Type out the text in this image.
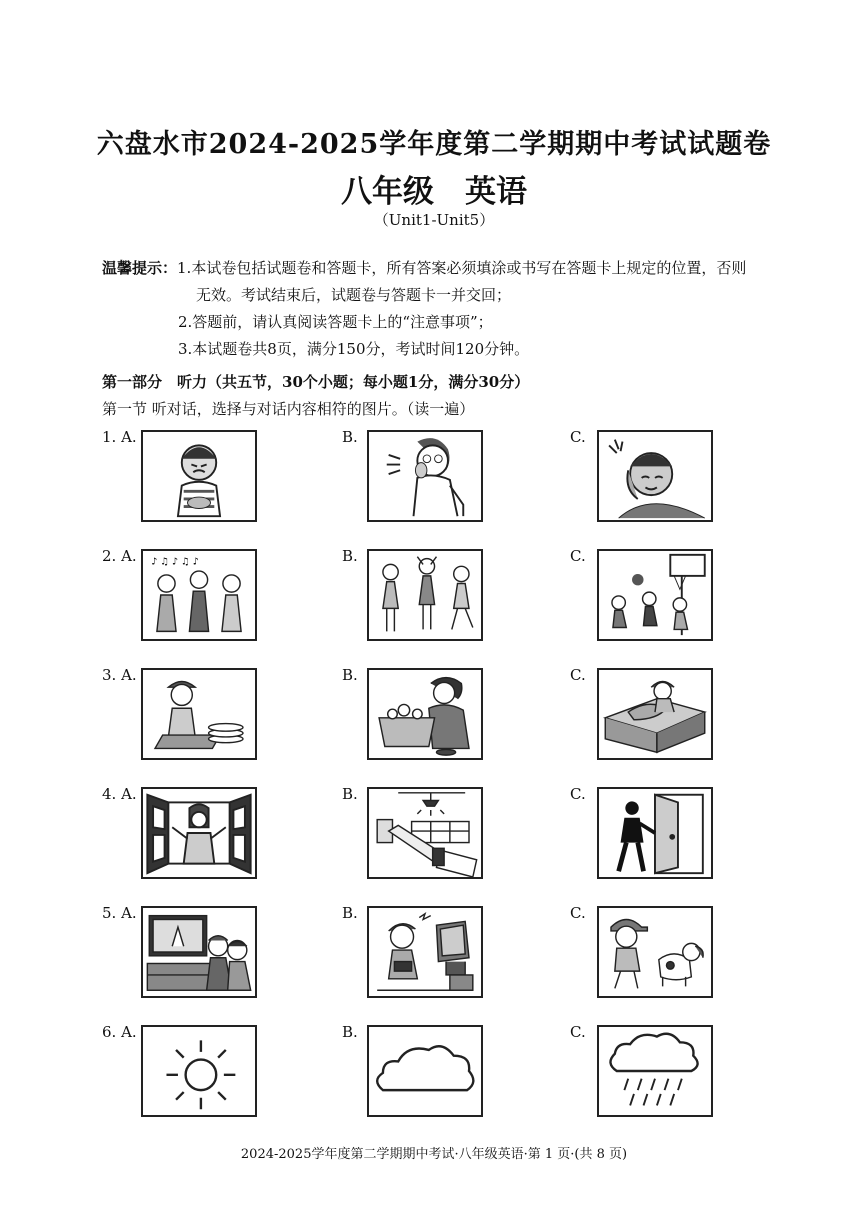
六盘水市2024-2025学年度第二学期期中考试试题卷
八年级　英语
（Unit1-Unit5）
温馨提示：1.本试卷包括试题卷和答题卡，所有答案必须填涂或书写在答题卡上规定的位置，否则
无效。考试结束后，试题卷与答题卡一并交回；
2.答题前，请认真阅读答题卡上的“注意事项”；
3.本试题卷共8页，满分150分，考试时间120分钟。
第一部分　听力（共五节，30个小题；每小题1分，满分30分）
第一节 听对话，选择与对话内容相符的图片。（读一遍）
1. A.	B.	C.
2. A.	B.	C.
♪ ♫ ♪ ♫ ♪
3. A.	B.	C.
4. A.	B.	C.
5. A.	B.	C.
6. A.	B.	C.
2024-2025学年度第二学期期中考试·八年级英语·第 1 页·(共 8 页)
